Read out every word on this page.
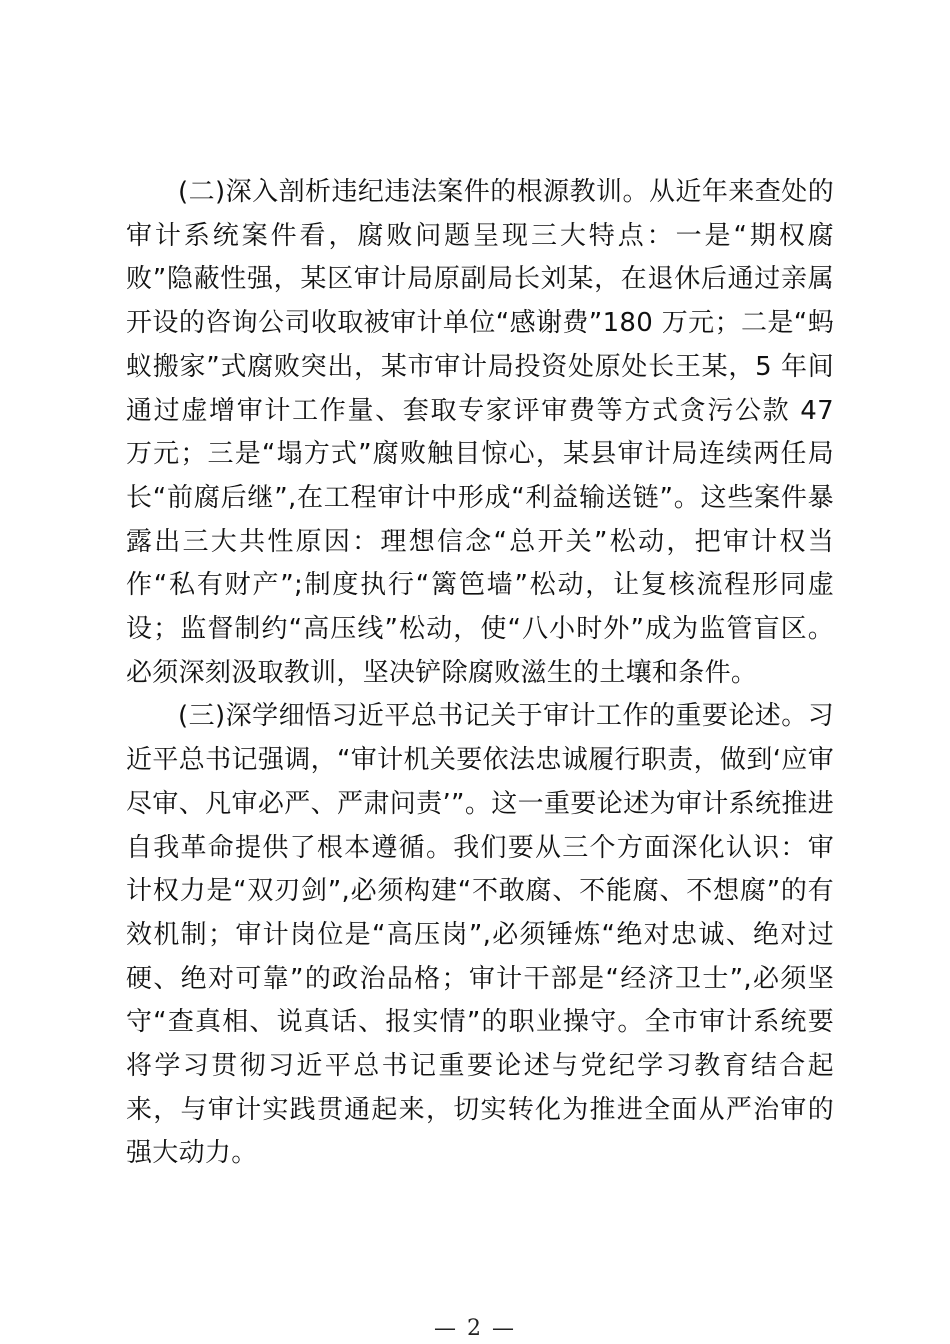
(二)深入剖析违纪违法案件的根源教训。从近年来查处的审计系统案件看，腐败问题呈现三大特点：一是“期权腐败”隐蔽性强，某区审计局原副局长刘某，在退休后通过亲属开设的咨询公司收取被审计单位“感谢费”180 万元；二是“蚂蚁搬家”式腐败突出，某市审计局投资处原处长王某，5 年间通过虚增审计工作量、套取专家评审费等方式贪污公款 47 万元；三是“塌方式”腐败触目惊心，某县审计局连续两任局长“前腐后继”,在工程审计中形成“利益输送链”。这些案件暴露出三大共性原因：理想信念“总开关”松动，把审计权当作“私有财产”;制度执行“篱笆墙”松动，让复核流程形同虚设；监督制约“高压线”松动，使“八小时外”成为监管盲区。必须深刻汲取教训，坚决铲除腐败滋生的土壤和条件。

(三)深学细悟习近平总书记关于审计工作的重要论述。习近平总书记强调，“审计机关要依法忠诚履行职责，做到‘应审尽审、凡审必严、严肃问责’”。这一重要论述为审计系统推进自我革命提供了根本遵循。我们要从三个方面深化认识：审计权力是“双刃剑”,必须构建“不敢腐、不能腐、不想腐”的有效机制；审计岗位是“高压岗”,必须锤炼“绝对忠诚、绝对过硬、绝对可靠”的政治品格；审计干部是“经济卫士”,必须坚守“查真相、说真话、报实情”的职业操守。全市审计系统要将学习贯彻习近平总书记重要论述与党纪学习教育结合起来，与审计实践贯通起来，切实转化为推进全面从严治审的强大动力。

— 2 —
